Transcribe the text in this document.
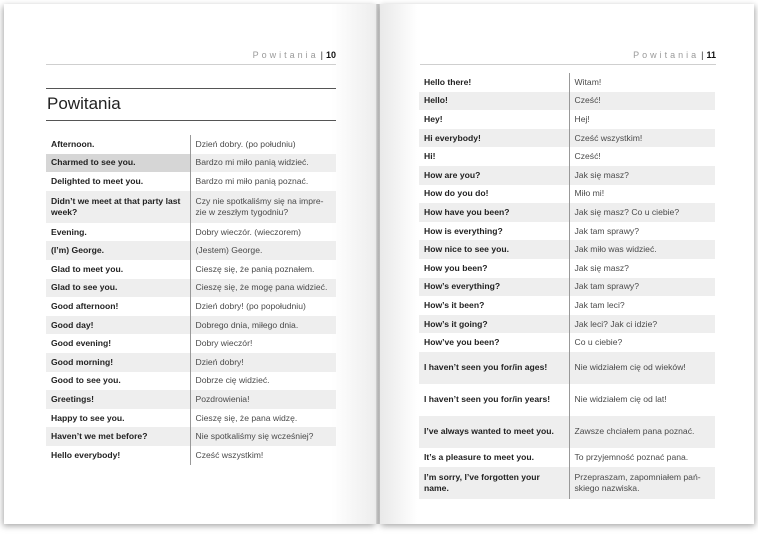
Powitania | 10
Powitania
Afternoon.	Dzień dobry. (po południu)
Charmed to see you.	Bardzo mi miło panią widzieć.
Delighted to meet you.	Bardzo mi miło panią poznać.
Didn’t we meet at that party last week?	Czy nie spotkaliśmy się na impre-zie w zeszłym tygodniu?
Evening.	Dobry wieczór. (wieczorem)
(I’m) George.	(Jestem) George.
Glad to meet you.	Cieszę się, że panią poznałem.
Glad to see you.	Cieszę się, że mogę pana widzieć.
Good afternoon!	Dzień dobry! (po popołudniu)
Good day!	Dobrego dnia, miłego dnia.
Good evening!	Dobry wieczór!
Good morning!	Dzień dobry!
Good to see you.	Dobrze cię widzieć.
Greetings!	Pozdrowienia!
Happy to see you.	Cieszę się, że pana widzę.
Haven’t we met before?	Nie spotkaliśmy się wcześniej?
Hello everybody!	Cześć wszystkim!
Powitania | 11
Hello there!	Witam!
Hello!	Cześć!
Hey!	Hej!
Hi everybody!	Cześć wszystkim!
Hi!	Cześć!
How are you?	Jak się masz?
How do you do!	Miło mi!
How have you been?	Jak się masz? Co u ciebie?
How is everything?	Jak tam sprawy?
How nice to see you.	Jak miło was widzieć.
How you been?	Jak się masz?
How’s everything?	Jak tam sprawy?
How’s it been?	Jak tam leci?
How’s it going?	Jak leci? Jak ci idzie?
How’ve you been?	Co u ciebie?
I haven’t seen you for/in ages!	Nie widziałem cię od wieków!
I haven’t seen you for/in years!	Nie widziałem cię od lat!
I’ve always wanted to meet you.	Zawsze chciałem pana poznać.
It’s a pleasure to meet you.	To przyjemność poznać pana.
I’m sorry, I’ve forgotten your name.	Przepraszam, zapomniałem pań-skiego nazwiska.
